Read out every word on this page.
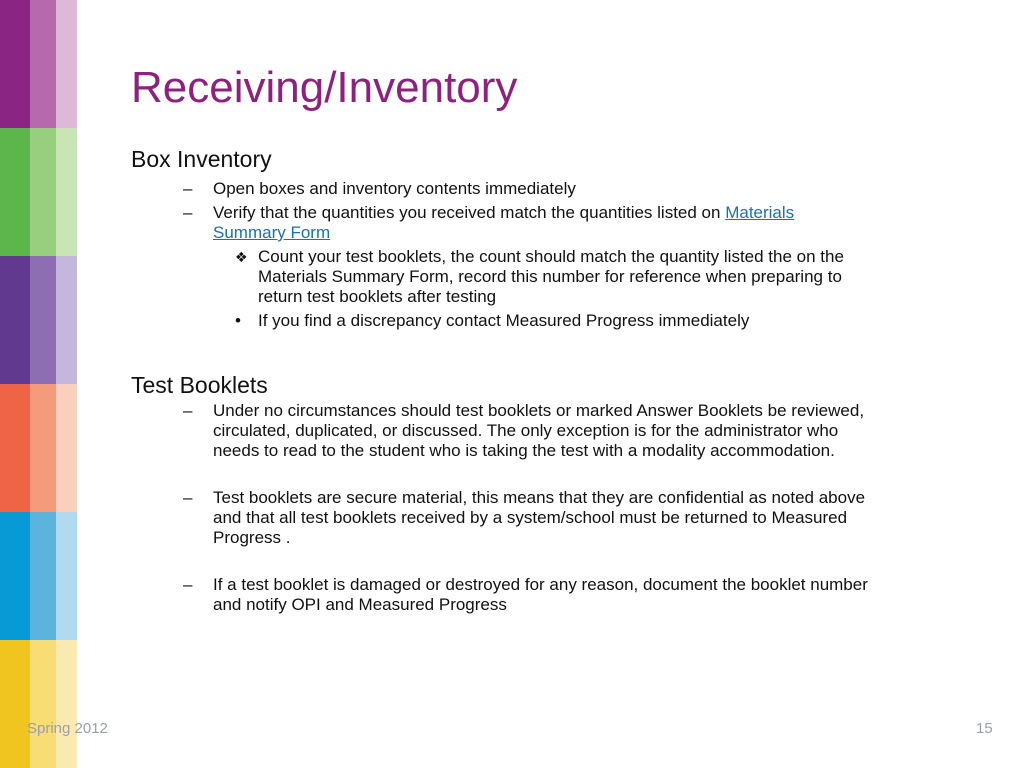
Receiving/Inventory
Box Inventory
– Open boxes and inventory contents immediately
– Verify that the quantities you received match the quantities listed on Materials
Summary Form
❖ Count your test booklets, the count should match the quantity listed the on the
Materials Summary Form, record this number for reference when preparing to
return test booklets after testing
• If you find a discrepancy contact Measured Progress immediately
Test Booklets
– Under no circumstances should test booklets or marked Answer Booklets be reviewed,
circulated, duplicated, or discussed. The only exception is for the administrator who
needs to read to the student who is taking the test with a modality accommodation.
– Test booklets are secure material, this means that they are confidential as noted above
and that all test booklets received by a system/school must be returned to Measured
Progress .
– If a test booklet is damaged or destroyed for any reason, document the booklet number
and notify OPI and Measured Progress
Spring 2012	15
